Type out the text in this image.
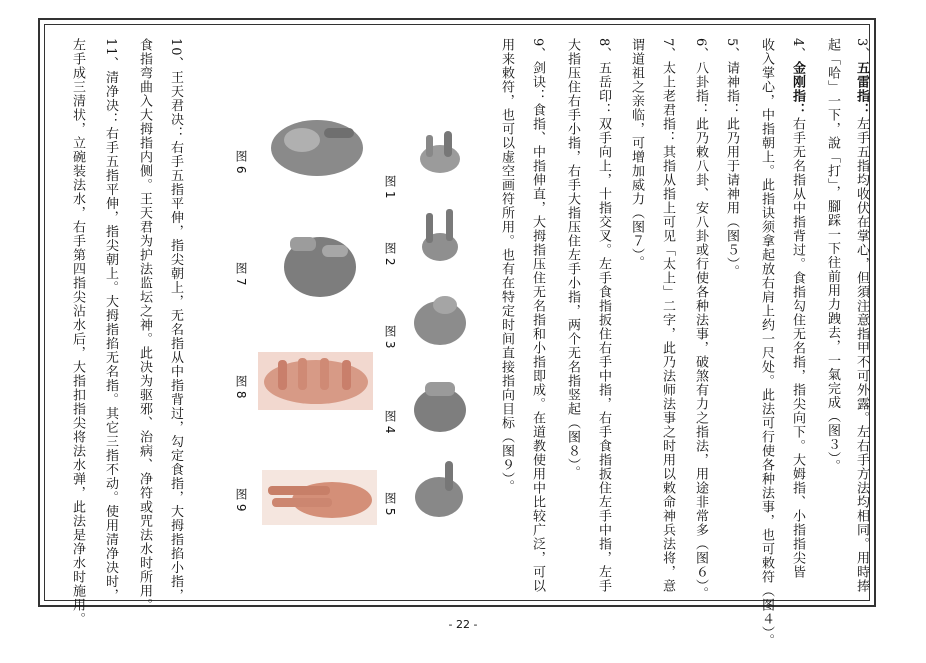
3、五雷指：左手五指均收伏在掌心，但須注意指甲不可外露。左右手方法均相同。用時捧
起「哈」一下，說「打」，腳踩一下往前用力跩去，一氣完成（图３）。
4、金刚指：右手无名指从中指背过。食指勾住无名指，指尖向下。大姆指、小指指尖皆
收入掌心，中指朝上。此指诀须拿起放右肩上约一尺处。此法可行使各种法事，也可敕符（图４）。
5、请神指：此乃用于请神用（图５）。
6、八卦指：此乃敕八卦、安八卦或行使各种法事，破煞有力之指法，用途非常多（图６）。
7、太上老君指：其指从指上可见「太上」二字，此乃法师法事之时用以敕命神兵法将，意
谓道祖之亲临，可增加威力（图７）。
8、五岳印：双手向上，十指交叉。左手食指扳住右手中指，右手食指扳住左手中指，左手
大指压住右手小指，右手大指压住左手小指，两个无名指竖起（图８）。
9、剑诀：食指、中指伸直，大拇指压住无名指和小指即成。在道教使用中比较广泛，可以
用来敕符，也可以虚空画符所用。也有在特定时间直接指向目标（图９）。
10、王天君决：右手五指平伸，指尖朝上，无名指从中指背过，勾定食指，大拇指掐小指，
食指弯曲入大拇指内侧。王天君为护法监坛之神。此决为驱邪、治病、净符或咒法水时所用。
11、清净决：右手五指平伸，指尖朝上。大拇指掐无名指。其它三指不动。使用清净决时，
左手成三清状，立碗装法水，右手第四指尖沾水后，大指扣指尖将法水弹，此法是净水时施用。	图 1
图 2
图 3
图 4
图 5
图 6
图 7
图 8
图 9
- 22 -
